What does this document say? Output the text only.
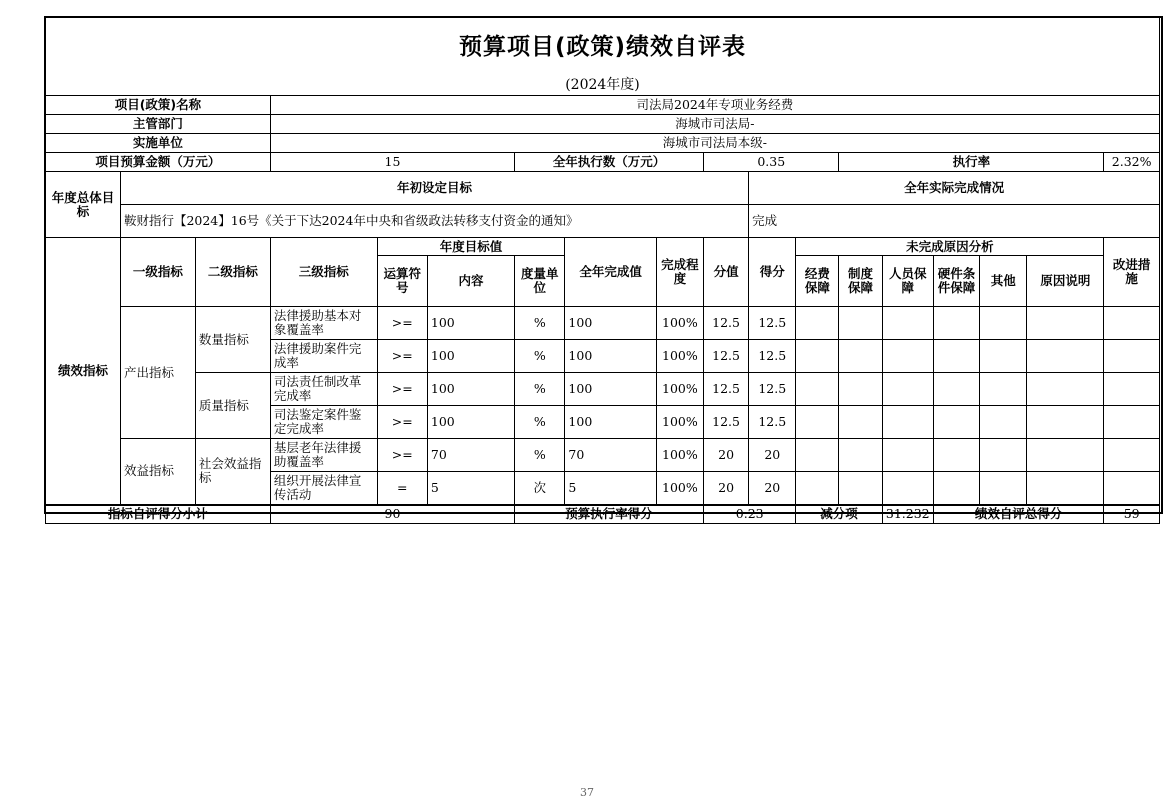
预算项目(政策)绩效自评表																	
(2024年度)																	
项目(政策)名称			司法局2024年专项业务经费														
主管部门			海城市司法局-														
实施单位			海城市司法局本级-														
项目预算金额（万元）			15			全年执行数（万元）			0.35			执行率					2.32%
年度总体目标	年初设定目标									全年实际完成情况							
	鞍财指行【2024】16号《关于下达2024年中央和省级政法转移支付资金的通知》									完成							
绩效指标	一级指标	二级指标	三级指标	年度目标值			全年完成值	完成程度	分值	得分	未完成原因分析						改进措施
				运算符号	内容	度量单位					经费保障	制度保障	人员保障	硬件条件保障	其他	原因说明	
	产出指标	数量指标	法律援助基本对象覆盖率	>=	100	%	100	100%	12.5	12.5							
			法律援助案件完成率	>=	100	%	100	100%	12.5	12.5							
		质量指标	司法责任制改革完成率	>=	100	%	100	100%	12.5	12.5							
			司法鉴定案件鉴定完成率	>=	100	%	100	100%	12.5	12.5							
	效益指标	社会效益指标	基层老年法律援助覆盖率	>=	70	%	70	100%	20	20							
			组织开展法律宣传活动	=	5	次	5	100%	20	20							
指标自评得分小计			90			预算执行率得分			0.23		减分项		31.232	绩效自评总得分			59
37
